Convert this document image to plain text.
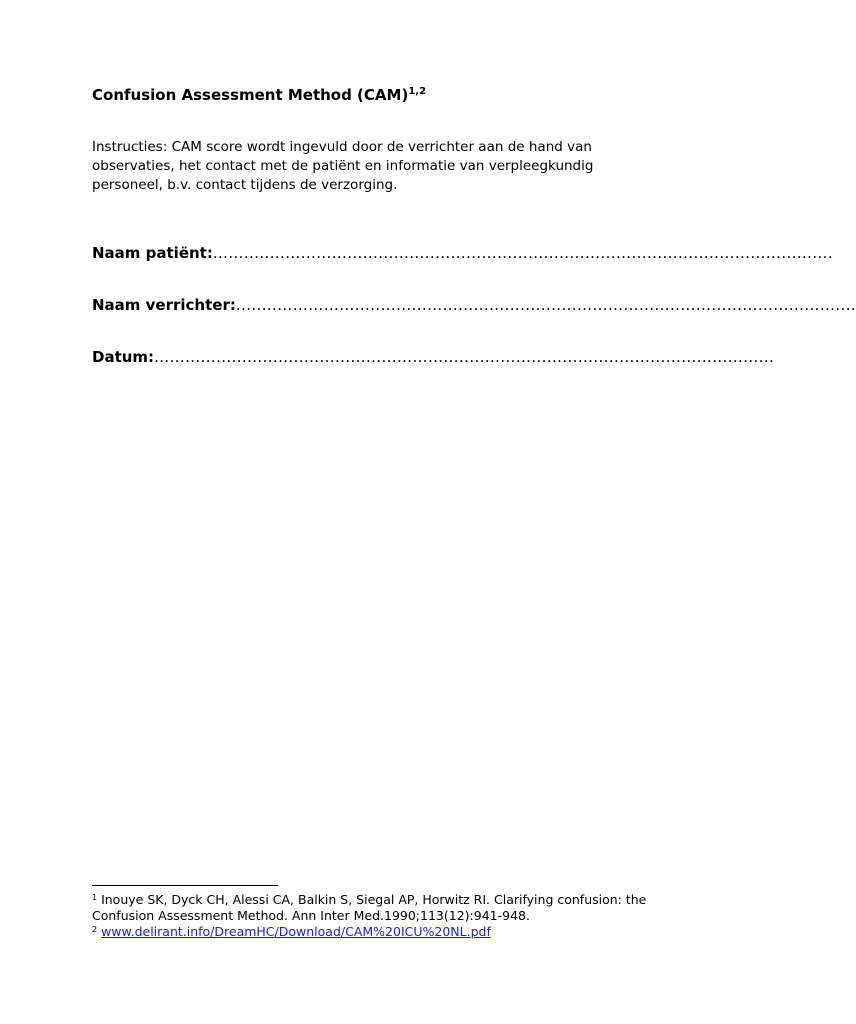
Confusion Assessment Method (CAM)$^{1,2}$
Instructies: CAM score wordt ingevuld door de verrichter aan de hand van observaties, het contact met de patiënt en informatie van verpleegkundig personeel, b.v. contact tijdens de verzorging.
Naam patiënt: ........................................................................................................................
Naam verrichter: ........................................................................................................................
Datum: ........................................................................................................................
$^1$ Inouye SK, Dyck CH, Alessi CA, Balkin S, Siegal AP, Horwitz RI. Clarifying confusion: the Confusion Assessment Method. Ann Inter Med.1990;113(12):941-948.
$^2$ www.delirant.info/DreamHC/Download/CAM%20ICU%20NL.pdf
